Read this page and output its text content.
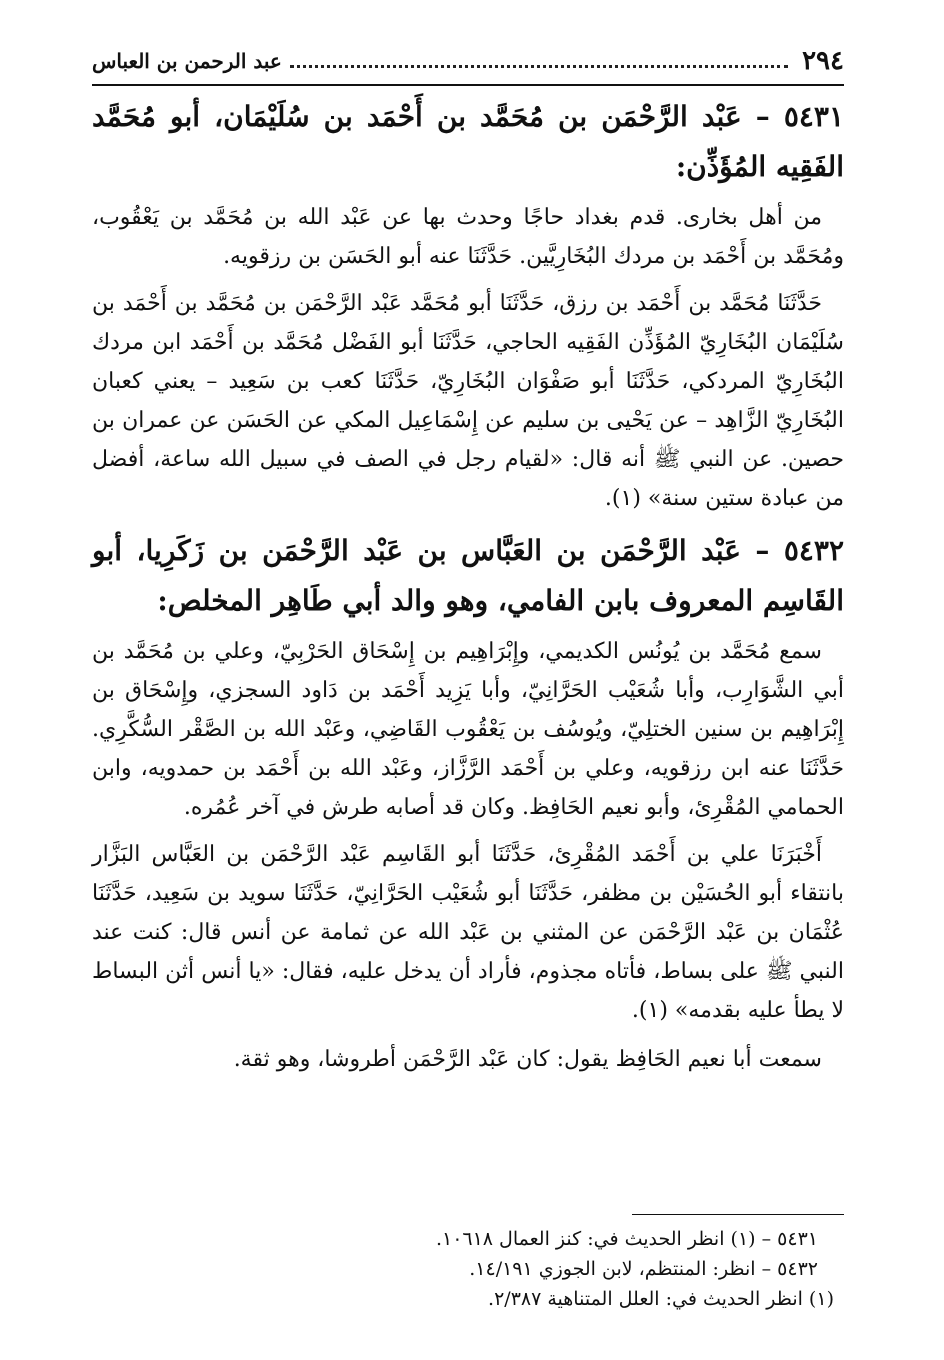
٢٩٤
عبد الرحمن بن العباس
٥٤٣١ – عَبْد الرَّحْمَن بن مُحَمَّد بن أَحْمَد بن سُلَيْمَان، أبو مُحَمَّد الفَقِيه المُؤَذِّن:

من أهل بخارى. قدم بغداد حاجًا وحدث بها عن عَبْد الله بن مُحَمَّد بن يَعْقُوب، ومُحَمَّد بن أَحْمَد بن مردك البُخَارِيَّين. حَدَّثَنَا عنه أبو الحَسَن بن رزقويه.

حَدَّثَنَا مُحَمَّد بن أَحْمَد بن رزق، حَدَّثَنَا أبو مُحَمَّد عَبْد الرَّحْمَن بن مُحَمَّد بن أَحْمَد بن سُلَيْمَان البُخَارِيّ المُؤَذِّن الفَقِيه الحاجي، حَدَّثَنَا أبو الفَضْل مُحَمَّد بن أَحْمَد ابن مردك البُخَارِيّ المردكي، حَدَّثَنَا أبو صَفْوَان البُخَارِيّ، حَدَّثَنَا كعب بن سَعِيد – يعني كعبان البُخَارِيّ الزَّاهِد – عن يَحْيى بن سليم عن إِسْمَاعِيل المكي عن الحَسَن عن عمران بن حصين. عن النبي ﷺ أنه قال: «لقيام رجل في الصف في سبيل الله ساعة، أفضل من عبادة ستين سنة» (١).

٥٤٣٢ – عَبْد الرَّحْمَن بن العَبَّاس بن عَبْد الرَّحْمَن بن زَكَرِيا، أبو القَاسِم المعروف بابن الفامي، وهو والد أبي طَاهِر المخلص:

سمع مُحَمَّد بن يُونُس الكديمي، وإِبْرَاهِيم بن إِسْحَاق الحَرْبِيّ، وعلي بن مُحَمَّد بن أبي الشَّوَارِب، وأبا شُعَيْب الحَرَّانِيّ، وأبا يَزِيد أَحْمَد بن دَاود السجزي، وإِسْحَاق بن إِبْرَاهِيم بن سنين الختلِيّ، ويُوسُف بن يَعْقُوب القَاضِي، وعَبْد الله بن الصَّقْر السُّكَّرِي. حَدَّثَنَا عنه ابن رزقويه، وعلي بن أَحْمَد الرَّزَّاز، وعَبْد الله بن أَحْمَد بن حمدويه، وابن الحمامي المُقْرِئ، وأبو نعيم الحَافِظ. وكان قد أصابه طرش في آخر عُمُره.

أَخْبَرَنَا علي بن أَحْمَد المُقْرِئ، حَدَّثَنَا أبو القَاسِم عَبْد الرَّحْمَن بن العَبَّاس البَزَّار بانتقاء أبو الحُسَيْن بن مظفر، حَدَّثَنَا أبو شُعَيْب الحَرَّانِيّ، حَدَّثَنَا سويد بن سَعِيد، حَدَّثَنَا عُثْمَان بن عَبْد الرَّحْمَن عن المثني بن عَبْد الله عن ثمامة عن أنس قال: كنت عند النبي ﷺ على بساط، فأتاه مجذوم، فأراد أن يدخل عليه، فقال: «يا أنس أثن البساط لا يطأ عليه بقدمه» (١).

سمعت أبا نعيم الحَافِظ يقول: كان عَبْد الرَّحْمَن أطروشا، وهو ثقة.

٥٤٣١ – (١) انظر الحديث في: كنز العمال ١٠٦١٨.
٥٤٣٢ – انظر: المنتظم، لابن الجوزي ١٤/١٩١.
(١) انظر الحديث في: العلل المتناهية ٢/٣٨٧.
